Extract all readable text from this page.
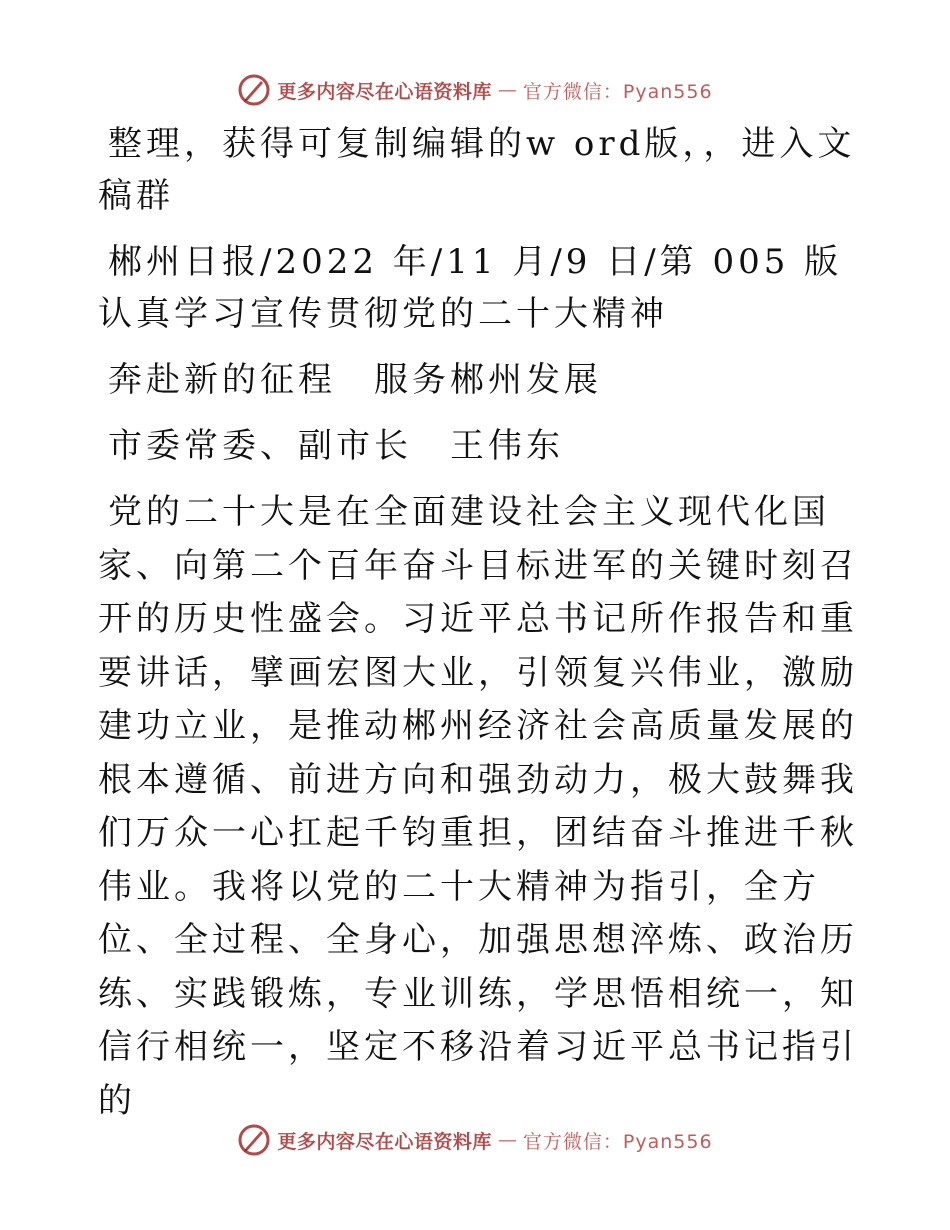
更多内容尽在心语资料库 — 官方微信：Pyan556

整理，获得可复制编辑的w ord版，，进入文稿群

郴州日报/2022 年/11 月/9 日/第 005 版认真学习宣传贯彻党的二十大精神

奔赴新的征程　服务郴州发展

市委常委、副市长　王伟东

党的二十大是在全面建设社会主义现代化国家、向第二个百年奋斗目标进军的关键时刻召开的历史性盛会。习近平总书记所作报告和重要讲话，擘画宏图大业，引领复兴伟业，激励建功立业，是推动郴州经济社会高质量发展的根本遵循、前进方向和强劲动力，极大鼓舞我们万众一心扛起千钧重担，团结奋斗推进千秋伟业。我将以党的二十大精神为指引，全方位、全过程、全身心，加强思想淬炼、政治历练、实践锻炼，专业训练，学思悟相统一，知信行相统一，坚定不移沿着习近平总书记指引的

更多内容尽在心语资料库 — 官方微信：Pyan556
